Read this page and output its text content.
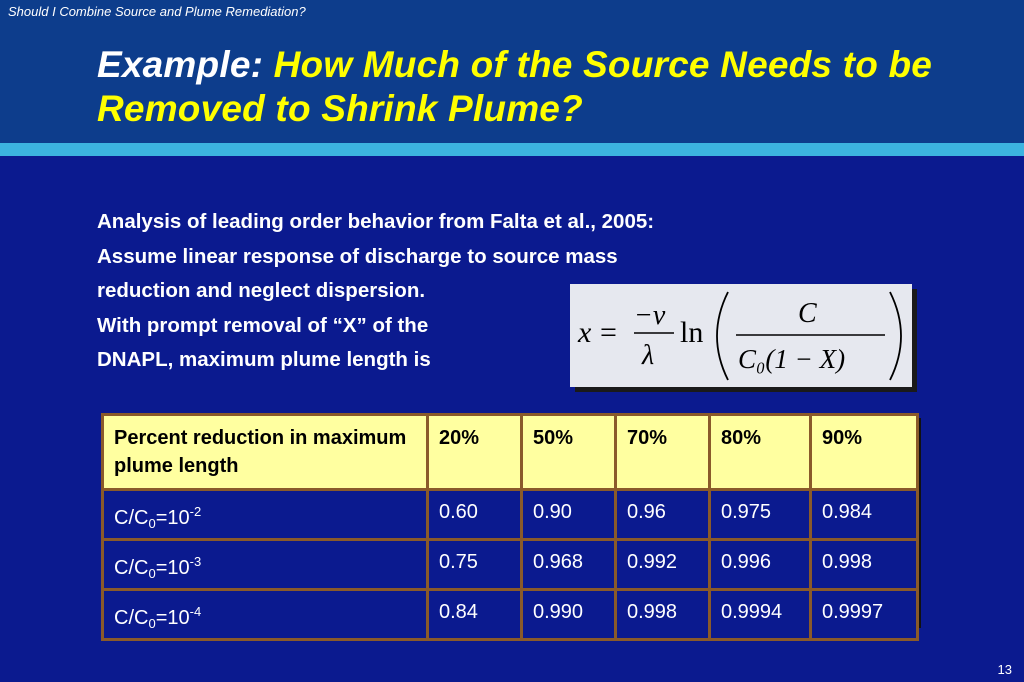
Should I Combine Source and Plume Remediation?
Example: How Much of the Source Needs to be Removed to Shrink Plume?
Analysis of leading order behavior from Falta et al., 2005:
Assume linear response of discharge to source mass
reduction and neglect dispersion.
With prompt removal of “X” of the
DNAPL, maximum plume length is
x =
−v
λ
ln
C
C₀(1 − X)
Percent reduction in maximum plume length	20%	50%	70%	80%	90%
$C/C_0=10^{-2}$	0.60	0.90	0.96	0.975	0.984
$C/C_0=10^{-3}$	0.75	0.968	0.992	0.996	0.998
$C/C_0=10^{-4}$	0.84	0.990	0.998	0.9994	0.9997
13
